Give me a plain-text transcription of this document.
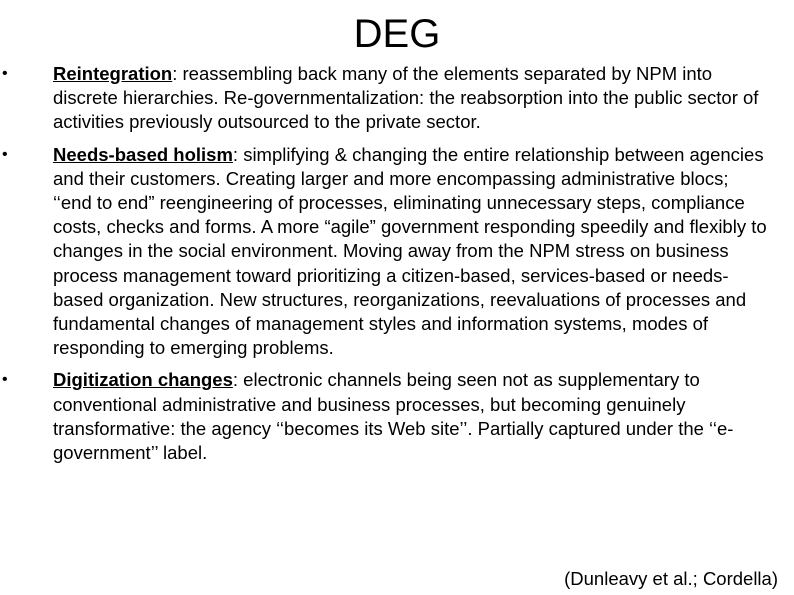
DEG
• Reintegration: reassembling back many of the elements separated by NPM into discrete hierarchies. Re-governmentalization: the reabsorption into the public sector of activities previously outsourced to the private sector.
• Needs-based holism: simplifying & changing the entire relationship between agencies and their customers. Creating larger and more encompassing administrative blocs; ‘‘end to end” reengineering of processes, eliminating unnecessary steps, compliance costs, checks and forms. A more “agile” government responding speedily and flexibly to changes in the social environment. Moving away from the NPM stress on business process management toward prioritizing a citizen-based, services-based or needs-based organization. New structures, reorganizations, reevaluations of processes and fundamental changes of management styles and information systems, modes of responding to emerging problems.
• Digitization changes: electronic channels being seen not as supplementary to conventional administrative and business processes, but becoming genuinely transformative: the agency ‘‘becomes its Web site’’. Partially captured under the ‘‘e-government’’ label.

(Dunleavy et al.; Cordella)
